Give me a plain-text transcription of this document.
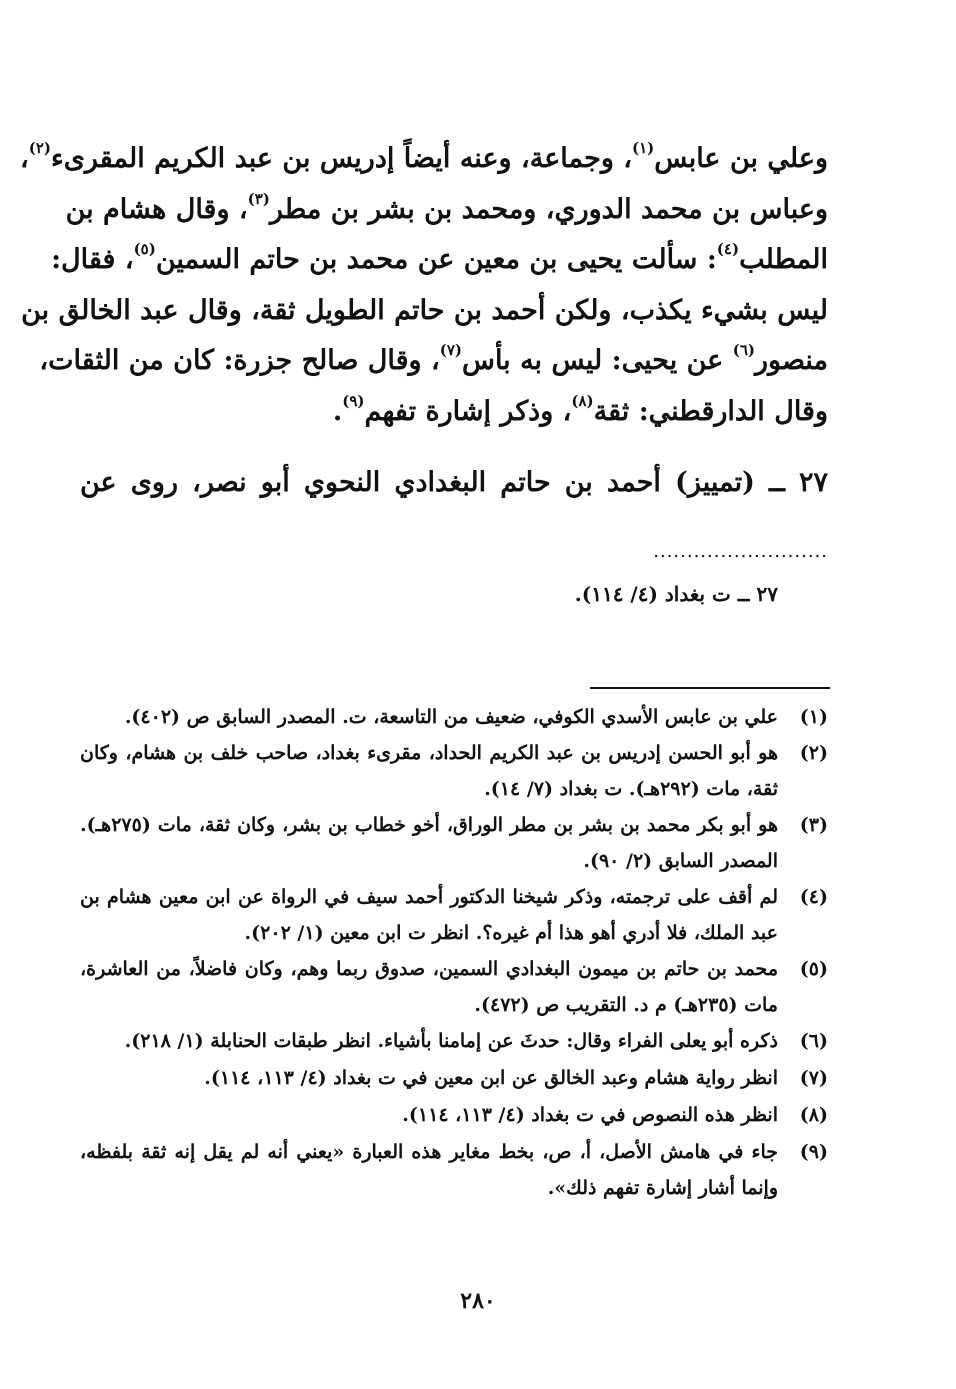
وعلي بن عابس$^{(١)}$، وجماعة، وعنه أيضاً إدريس بن عبد الكريم المقرىء$^{(٢)}$،
وعباس بن محمد الدوري، ومحمد بن بشر بن مطر$^{(٣)}$، وقال هشام بن
المطلب$^{(٤)}$: سألت يحيى بن معين عن محمد بن حاتم السمين$^{(٥)}$، فقال:
ليس بشيء يكذب، ولكن أحمد بن حاتم الطويل ثقة، وقال عبد الخالق بن
منصور$^{(٦)}$ عن يحيى: ليس به بأس$^{(٧)}$، وقال صالح جزرة: كان من الثقات،
وقال الدارقطني: ثقة$^{(٨)}$، وذكر إشارة تفهم$^{(٩)}$.
٢٧ ــ (تمييز) أحمد بن حاتم البغدادي النحوي أبو نصر، روى عن
..........................
٢٧ ــ ت بغداد (٤/ ١١٤).
(١)
علي بن عابس الأسدي الكوفي، ضعيف من التاسعة، ت. المصدر السابق ص (٤٠٢).
(٢)
هو أبو الحسن إدريس بن عبد الكريم الحداد، مقرىء بغداد، صاحب خلف بن هشام، وكان ثقة، مات (٢٩٢هـ). ت بغداد (٧/ ١٤).
(٣)
هو أبو بكر محمد بن بشر بن مطر الوراق، أخو خطاب بن بشر، وكان ثقة، مات (٢٧٥هـ). المصدر السابق (٢/ ٩٠).
(٤)
لم أقف على ترجمته، وذكر شيخنا الدكتور أحمد سيف في الرواة عن ابن معين هشام بن عبد الملك، فلا أدري أهو هذا أم غيره؟. انظر ت ابن معين (١/ ٢٠٢).
(٥)
محمد بن حاتم بن ميمون البغدادي السمين، صدوق ربما وهم، وكان فاضلاً، من العاشرة، مات (٢٣٥هـ) م د. التقريب ص (٤٧٢).
(٦)
ذكره أبو يعلى الفراء وقال: حدثَ عن إمامنا بأشياء. انظر طبقات الحنابلة (١/ ٢١٨).
(٧)
انظر رواية هشام وعبد الخالق عن ابن معين في ت بغداد (٤/ ١١٣، ١١٤).
(٨)
انظر هذه النصوص في ت بغداد (٤/ ١١٣، ١١٤).
(٩)
جاء في هامش الأصل، أ، ص، بخط مغاير هذه العبارة «يعني أنه لم يقل إنه ثقة بلفظه، وإنما أشار إشارة تفهم ذلك».
٢٨٠
